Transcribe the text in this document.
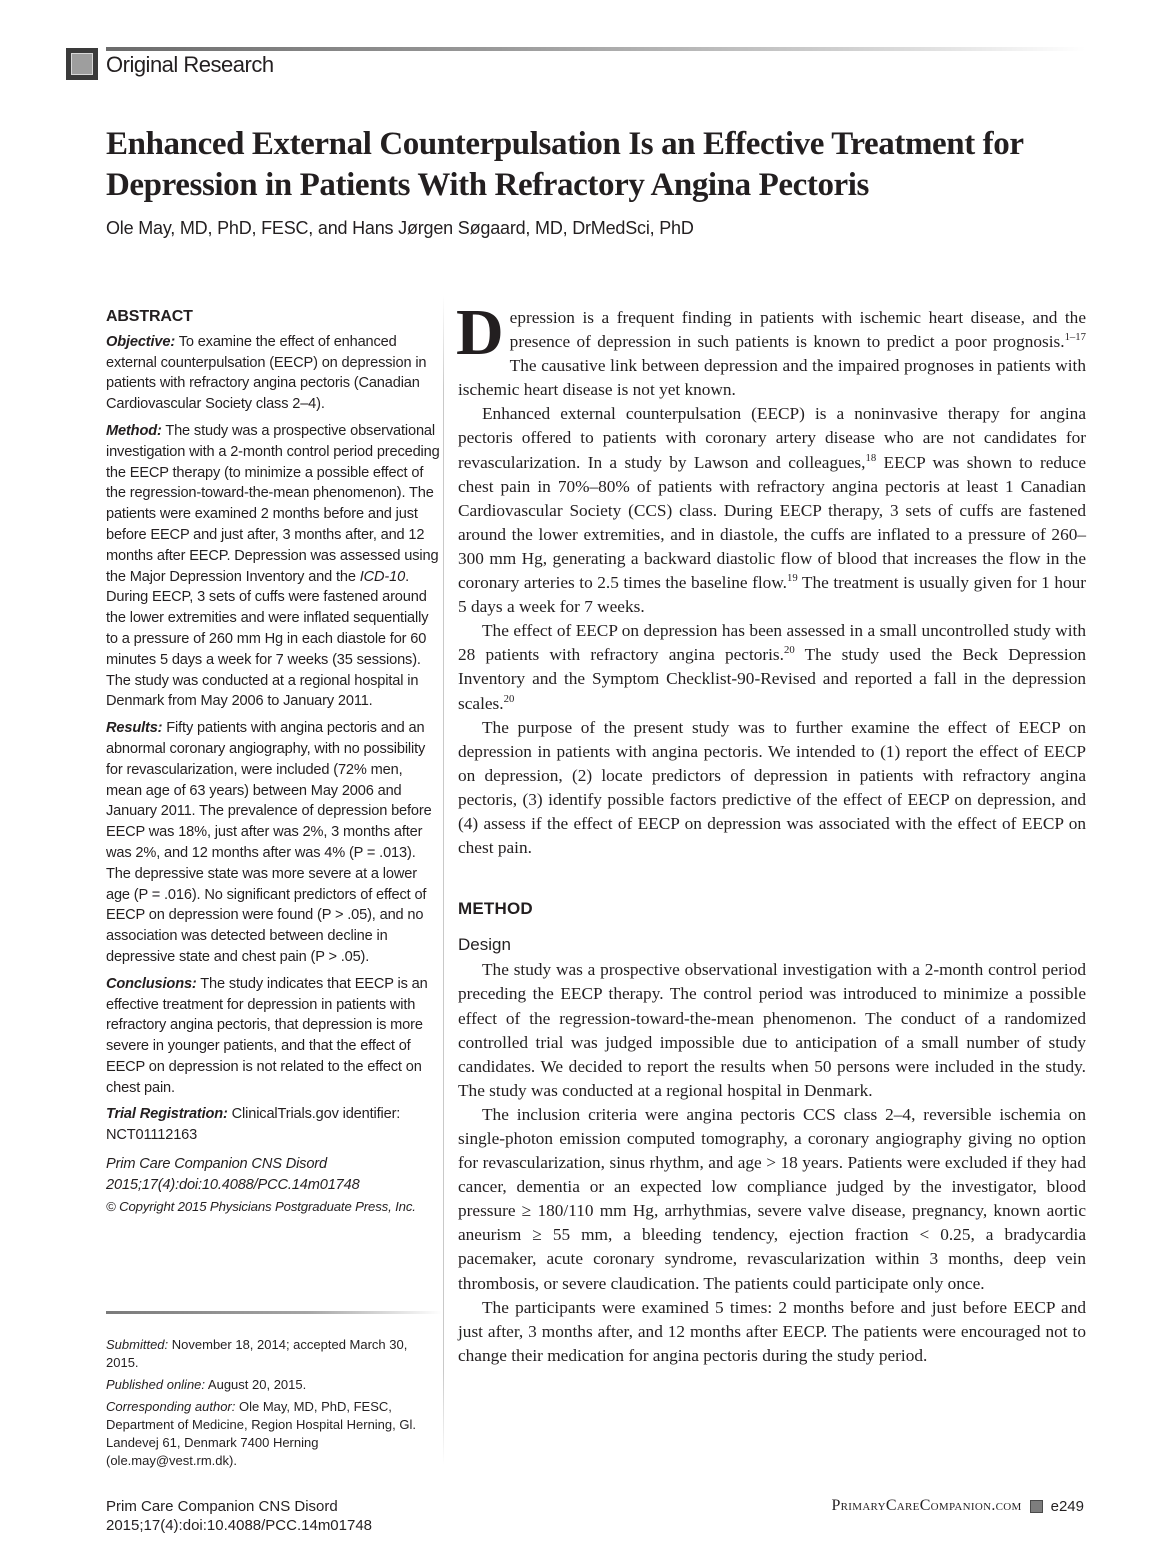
Original Research
Enhanced External Counterpulsation Is an Effective Treatment for Depression in Patients With Refractory Angina Pectoris
Ole May, MD, PhD, FESC, and Hans Jørgen Søgaard, MD, DrMedSci, PhD
ABSTRACT

Objective: To examine the effect of enhanced external counterpulsation (EECP) on depression in patients with refractory angina pectoris (Canadian Cardiovascular Society class 2–4).

Method: The study was a prospective observational investigation with a 2-month control period preceding the EECP therapy (to minimize a possible effect of the regression-toward-the-mean phenomenon). The patients were examined 2 months before and just before EECP and just after, 3 months after, and 12 months after EECP. Depression was assessed using the Major Depression Inventory and the ICD-10. During EECP, 3 sets of cuffs were fastened around the lower extremities and were inflated sequentially to a pressure of 260 mm Hg in each diastole for 60 minutes 5 days a week for 7 weeks (35 sessions). The study was conducted at a regional hospital in Denmark from May 2006 to January 2011.

Results: Fifty patients with angina pectoris and an abnormal coronary angiography, with no possibility for revascularization, were included (72% men, mean age of 63 years) between May 2006 and January 2011. The prevalence of depression before EECP was 18%, just after was 2%, 3 months after was 2%, and 12 months after was 4% (P = .013). The depressive state was more severe at a lower age (P = .016). No significant predictors of effect of EECP on depression were found (P > .05), and no association was detected between decline in depressive state and chest pain (P > .05).

Conclusions: The study indicates that EECP is an effective treatment for depression in patients with refractory angina pectoris, that depression is more severe in younger patients, and that the effect of EECP on depression is not related to the effect on chest pain.

Trial Registration: ClinicalTrials.gov identifier: NCT01112163

Prim Care Companion CNS Disord
2015;17(4):doi:10.4088/PCC.14m01748
© Copyright 2015 Physicians Postgraduate Press, Inc.

Submitted: November 18, 2014; accepted March 30, 2015.

Published online: August 20, 2015.

Corresponding author: Ole May, MD, PhD, FESC, Department of Medicine, Region Hospital Herning, Gl. Landevej 61, Denmark 7400 Herning (ole.may@vest.rm.dk).

Depression is a frequent finding in patients with ischemic heart disease, and the presence of depression in such patients is known to predict a poor prognosis.$^{1-17}$ The causative link between depression and the impaired prognoses in patients with ischemic heart disease is not yet known.

Enhanced external counterpulsation (EECP) is a noninvasive therapy for angina pectoris offered to patients with coronary artery disease who are not candidates for revascularization. In a study by Lawson and colleagues,$^{18}$ EECP was shown to reduce chest pain in 70%–80% of patients with refractory angina pectoris at least 1 Canadian Cardiovascular Society (CCS) class. During EECP therapy, 3 sets of cuffs are fastened around the lower extremities, and in diastole, the cuffs are inflated to a pressure of 260–300 mm Hg, generating a backward diastolic flow of blood that increases the flow in the coronary arteries to 2.5 times the baseline flow.$^{19}$ The treatment is usually given for 1 hour 5 days a week for 7 weeks.

The effect of EECP on depression has been assessed in a small uncontrolled study with 28 patients with refractory angina pectoris.$^{20}$ The study used the Beck Depression Inventory and the Symptom Checklist-90-Revised and reported a fall in the depression scales.$^{20}$

The purpose of the present study was to further examine the effect of EECP on depression in patients with angina pectoris. We intended to (1) report the effect of EECP on depression, (2) locate predictors of depression in patients with refractory angina pectoris, (3) identify possible factors predictive of the effect of EECP on depression, and (4) assess if the effect of EECP on depression was associated with the effect of EECP on chest pain.

METHOD
Design

The study was a prospective observational investigation with a 2-month control period preceding the EECP therapy. The control period was introduced to minimize a possible effect of the regression-toward-the-mean phenomenon. The conduct of a randomized controlled trial was judged impossible due to anticipation of a small number of study candidates. We decided to report the results when 50 persons were included in the study. The study was conducted at a regional hospital in Denmark.

The inclusion criteria were angina pectoris CCS class 2–4, reversible ischemia on single-photon emission computed tomography, a coronary angiography giving no option for revascularization, sinus rhythm, and age > 18 years. Patients were excluded if they had cancer, dementia or an expected low compliance judged by the investigator, blood pressure ≥ 180/110 mm Hg, arrhythmias, severe valve disease, pregnancy, known aortic aneurism ≥ 55 mm, a bleeding tendency, ejection fraction < 0.25, a bradycardia pacemaker, acute coronary syndrome, revascularization within 3 months, deep vein thrombosis, or severe claudication. The patients could participate only once.

The participants were examined 5 times: 2 months before and just before EECP and just after, 3 months after, and 12 months after EECP. The patients were encouraged not to change their medication for angina pectoris during the study period.

Prim Care Companion CNS Disord
2015;17(4):doi:10.4088/PCC.14m01748
PrimaryCareCompanion.com e249
